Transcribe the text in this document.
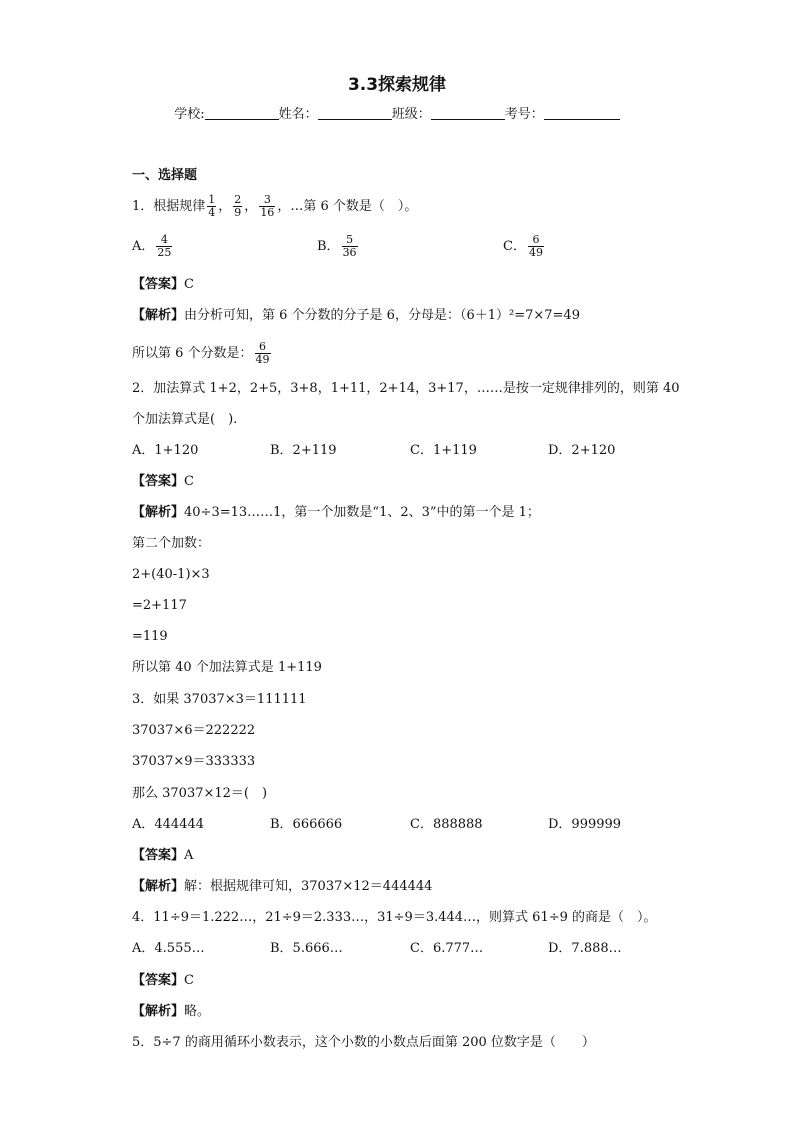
3.3探索规律
学校:	姓名：	班级：	考号：
一、选择题
1．根据规律 $\frac{1}{4}$ ， $\frac{2}{9}$ ， $\frac{3}{16}$ ，…第 6 个数是（　）。
A． $\frac{4}{25}$	B． $\frac{5}{36}$	C． $\frac{6}{49}$
【答案】C
【解析】由分析可知，第 6 个分数的分子是 6，分母是：（6＋1）²=7×7=49
所以第 6 个分数是： $\frac{6}{49}$
2．加法算式 1+2，2+5，3+8，1+11，2+14，3+17，……是按一定规律排列的，则第 40
个加法算式是(　).
A．1+120	B．2+119	C．1+119	D．2+120
【答案】C
【解析】40÷3=13……1，第一个加数是“1、2、3”中的第一个是 1；
第二个加数：
2+(40-1)×3
=2+117
=119
所以第 40 个加法算式是 1+119
3．如果 37037×3＝111111
37037×6＝222222
37037×9＝333333
那么 37037×12＝(　)
A．444444	B．666666	C．888888	D．999999
【答案】A
【解析】解：根据规律可知，37037×12＝444444
4．11÷9＝1.222…，21÷9＝2.333…，31÷9＝3.444…，则算式 61÷9 的商是（　）。
A．4.555…	B．5.666…	C．6.777…	D．7.888…
【答案】C
【解析】略。
5．5÷7 的商用循环小数表示，这个小数的小数点后面第 200 位数字是（　　）
